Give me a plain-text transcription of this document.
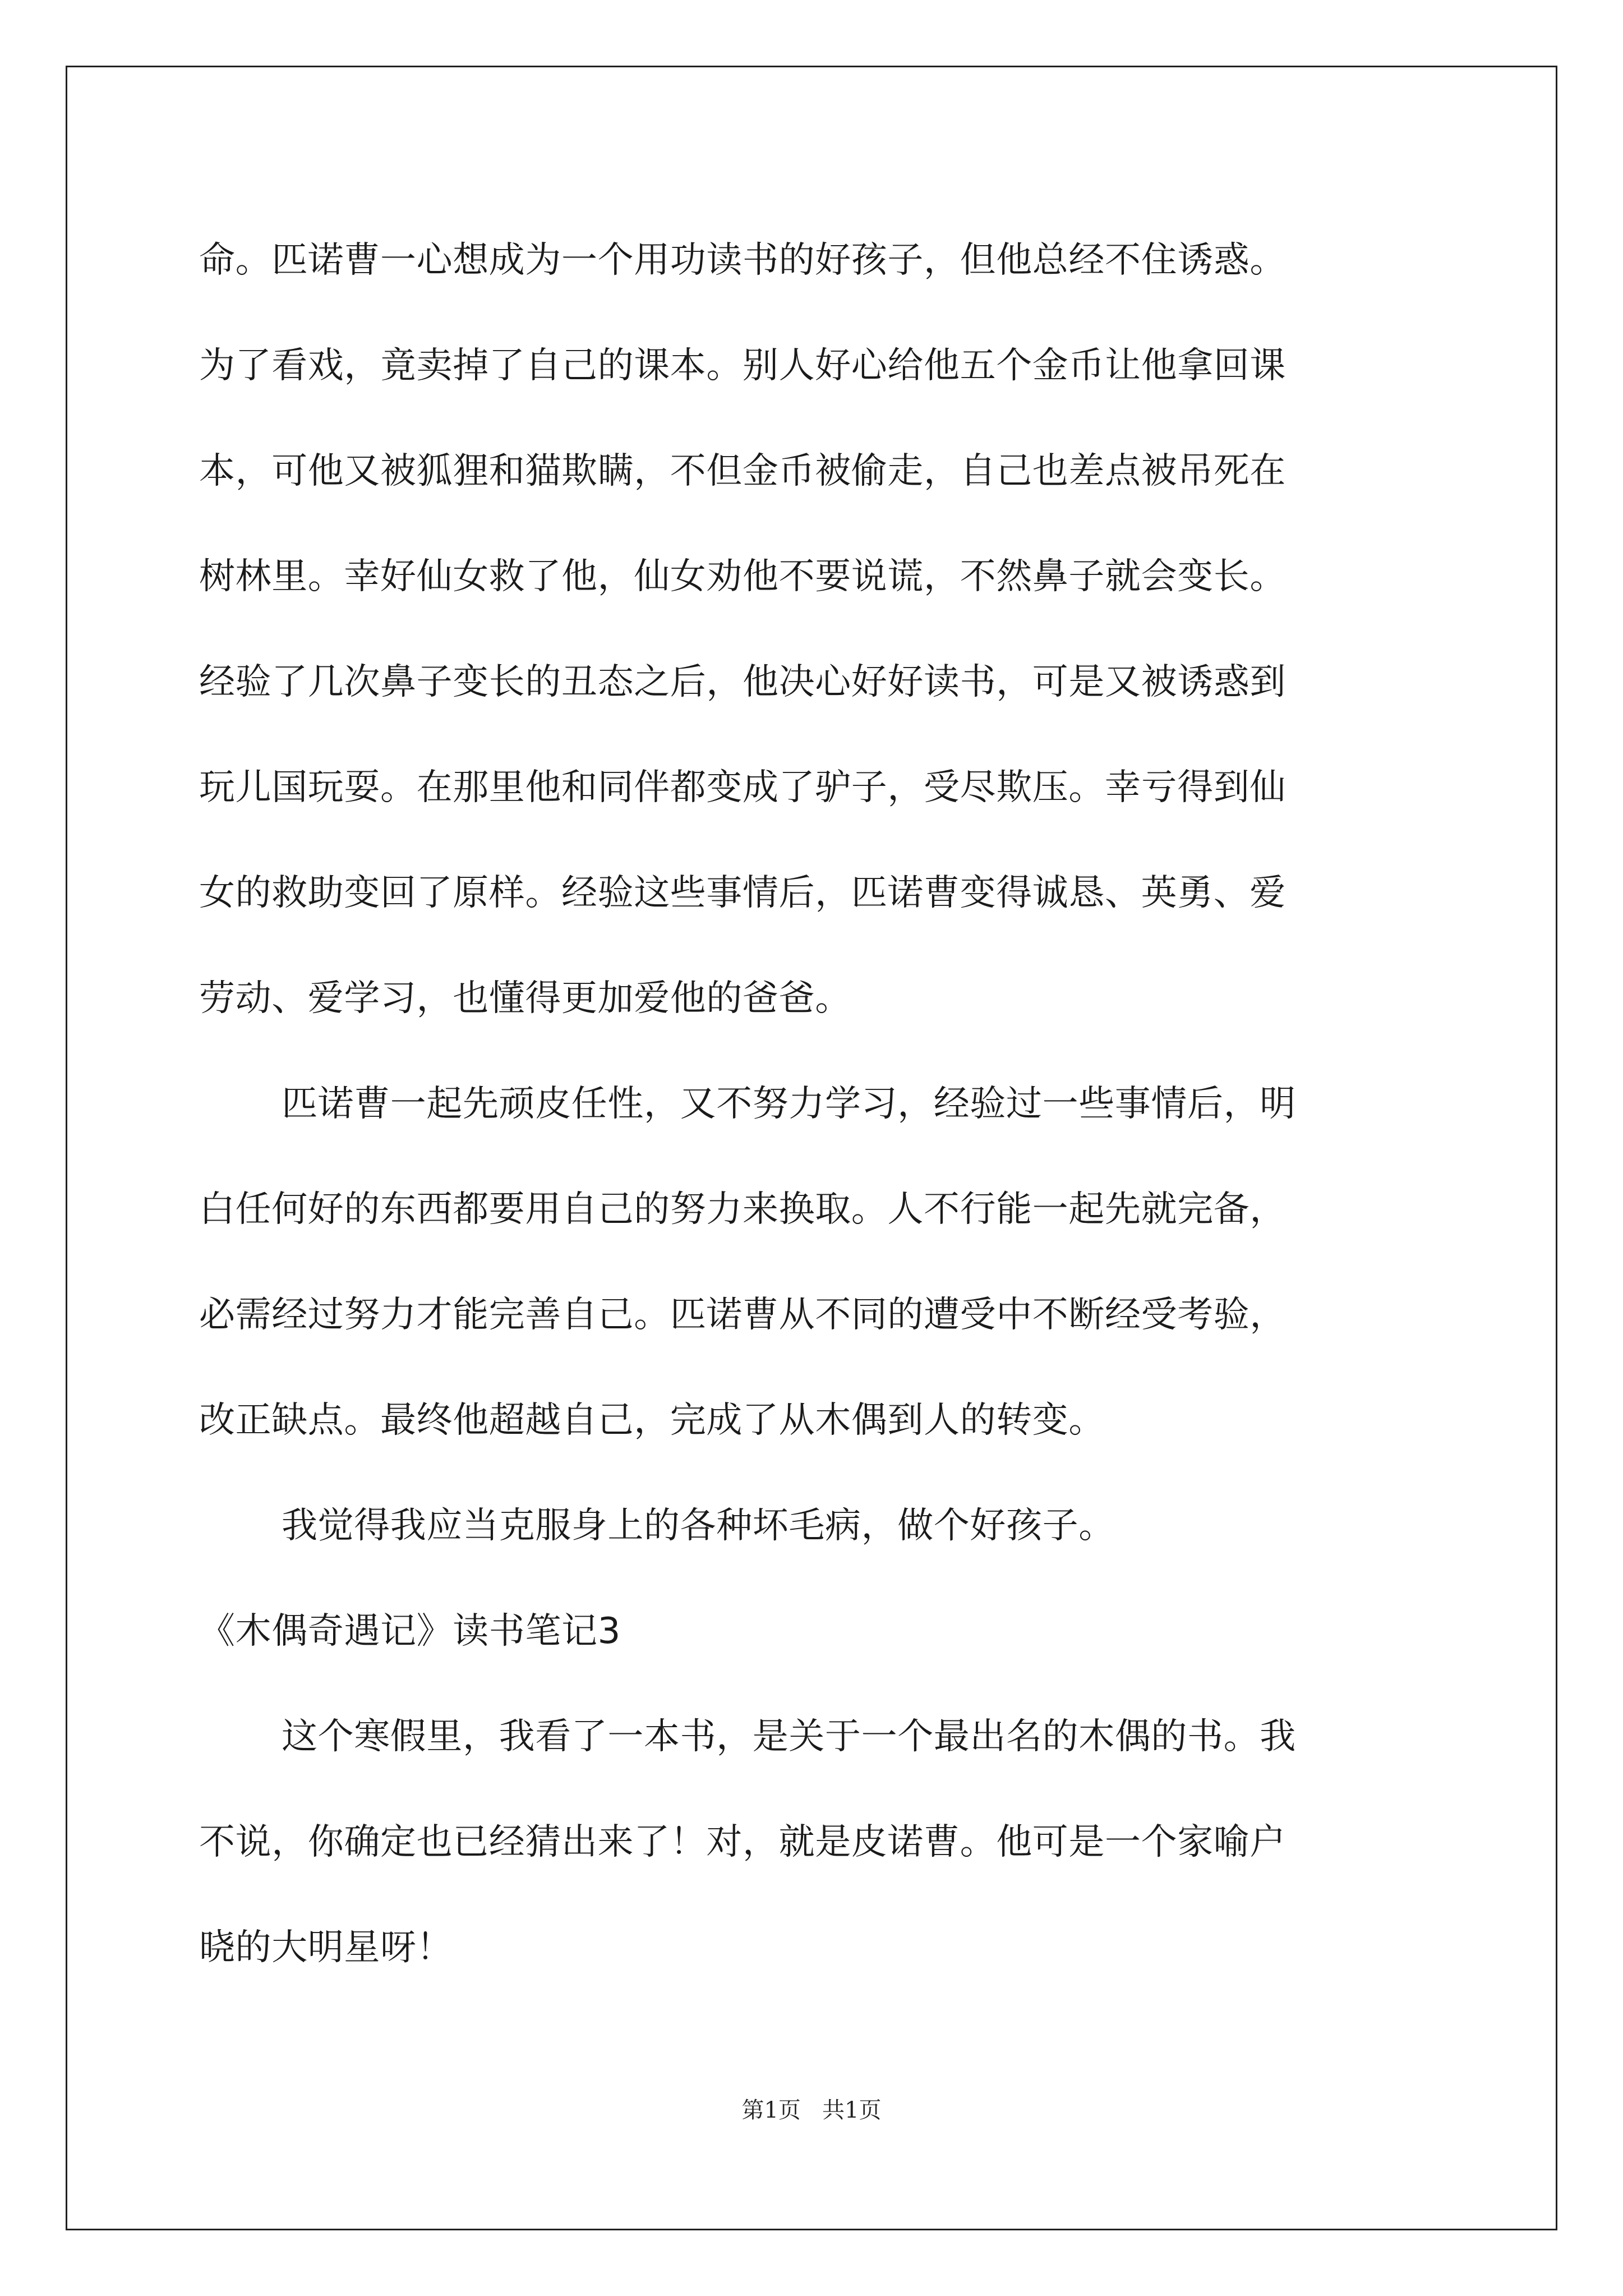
命。匹诺曹一心想成为一个用功读书的好孩子，但他总经不住诱惑。
为了看戏，竟卖掉了自己的课本。别人好心给他五个金币让他拿回课
本，可他又被狐狸和猫欺瞒，不但金币被偷走，自己也差点被吊死在
树林里。幸好仙女救了他，仙女劝他不要说谎，不然鼻子就会变长。
经验了几次鼻子变长的丑态之后，他决心好好读书，可是又被诱惑到
玩儿国玩耍。在那里他和同伴都变成了驴子，受尽欺压。幸亏得到仙
女的救助变回了原样。经验这些事情后，匹诺曹变得诚恳、英勇、爱
劳动、爱学习，也懂得更加爱他的爸爸。
匹诺曹一起先顽皮任性，又不努力学习，经验过一些事情后，明
白任何好的东西都要用自己的努力来换取。人不行能一起先就完备，
必需经过努力才能完善自己。匹诺曹从不同的遭受中不断经受考验，
改正缺点。最终他超越自己，完成了从木偶到人的转变。
我觉得我应当克服身上的各种坏毛病，做个好孩子。
《木偶奇遇记》读书笔记3
这个寒假里，我看了一本书，是关于一个最出名的木偶的书。我
不说，你确定也已经猜出来了！对，就是皮诺曹。他可是一个家喻户
晓的大明星呀！
第1页   共1页
